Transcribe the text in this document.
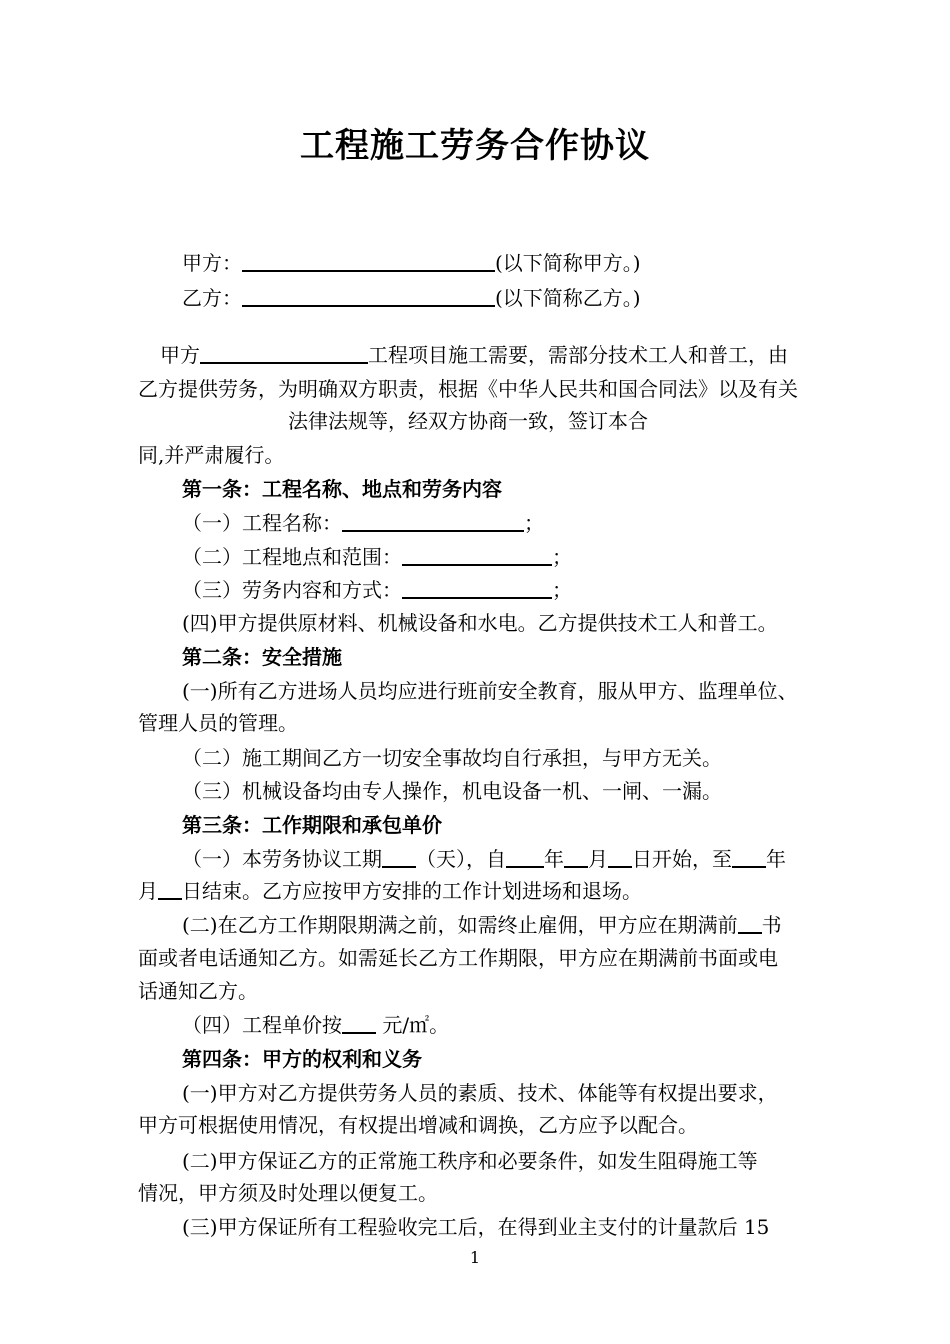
工程施工劳务合作协议
甲方：	(以下简称甲方。)
乙方：	(以下简称乙方。)
甲方	工程项目施工需要，需部分技术工人和普工，由
乙方提供劳务，为明确双方职责，根据《中华人民共和国合同法》以及有关
法律法规等，经双方协商一致，签订本合
同,并严肃履行。
第一条：工程名称、地点和劳务内容
（一）工程名称：	；
（二）工程地点和范围：	；
（三）劳务内容和方式：	；
(四)甲方提供原材料、机械设备和水电。乙方提供技术工人和普工。
第二条：安全措施
(一)所有乙方进场人员均应进行班前安全教育，服从甲方、监理单位、
管理人员的管理。
（二）施工期间乙方一切安全事故均自行承担，与甲方无关。
（三）机械设备均由专人操作，机电设备一机、一闸、一漏。
第三条：工作期限和承包单价
（一）本劳务协议工期 （天），自 年 月 日开始，至 年
月 日结束。乙方应按甲方安排的工作计划进场和退场。
(二)在乙方工作期限期满之前，如需终止雇佣，甲方应在期满前 书
面或者电话通知乙方。如需延长乙方工作期限，甲方应在期满前书面或电
话通知乙方。
（四）工程单价按 元/㎡。
第四条：甲方的权利和义务
(一)甲方对乙方提供劳务人员的素质、技术、体能等有权提出要求，
甲方可根据使用情况，有权提出增减和调换，乙方应予以配合。
(二)甲方保证乙方的正常施工秩序和必要条件，如发生阻碍施工等
情况，甲方须及时处理以便复工。
(三)甲方保证所有工程验收完工后，在得到业主支付的计量款后 15
1
